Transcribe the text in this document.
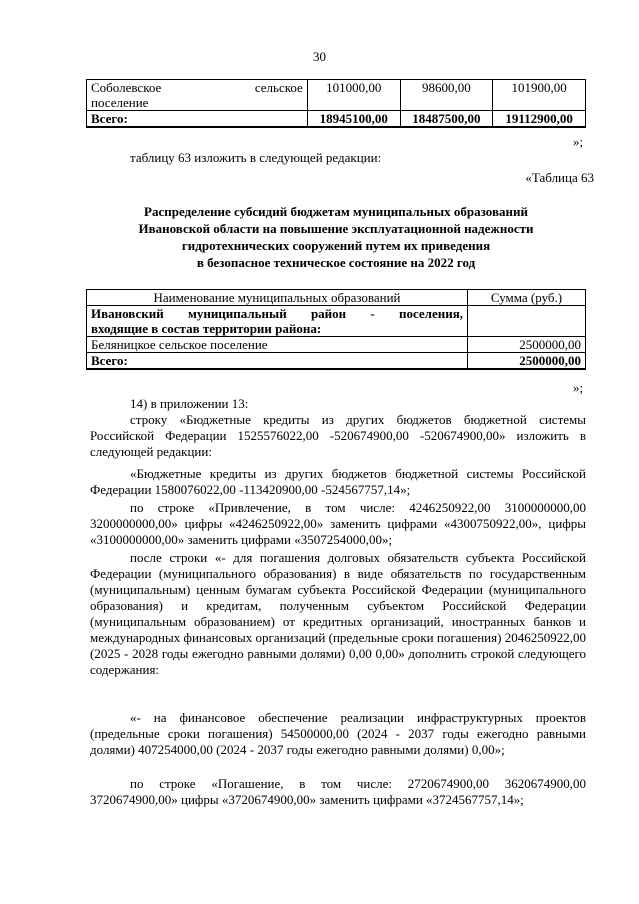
30
Соболевское сельское
поселение	101000,00	98600,00	101900,00
Всего:	18945100,00	18487500,00	19112900,00
»;
таблицу 63 изложить в следующей редакции:
«Таблица 63
Распределение субсидий бюджетам муниципальных образований
Ивановской области на повышение эксплуатационной надежности
гидротехнических сооружений путем их приведения
в безопасное техническое состояние на 2022 год
Наименование муниципальных образований	Сумма (руб.)

Ивановский муниципальный район - поселения,
входящие в состав территории района:	

Беляницкое сельское поселение	2500000,00
Всего:	2500000,00
»;
14) в приложении 13:
строку «Бюджетные кредиты из других бюджетов бюджетной системы Российской Федерации 1525576022,00 -520674900,00 -520674900,00» изложить в следующей редакции:
«Бюджетные кредиты из других бюджетов бюджетной системы Российской Федерации 1580076022,00 -113420900,00 -524567757,14»;
по строке «Привлечение, в том числе: 4246250922,00 3100000000,00 3200000000,00» цифры «4246250922,00» заменить цифрами «4300750922,00», цифры «3100000000,00» заменить цифрами «3507254000,00»;
после строки «- для погашения долговых обязательств субъекта Российской Федерации (муниципального образования) в виде обязательств по государственным (муниципальным) ценным бумагам субъекта Российской Федерации (муниципального образования) и кредитам, полученным субъектом Российской Федерации (муниципальным образованием) от кредитных организаций, иностранных банков и международных финансовых организаций (предельные сроки погашения) 2046250922,00 (2025 - 2028 годы ежегодно равными долями) 0,00 0,00» дополнить строкой следующего содержания:
«- на финансовое обеспечение реализации инфраструктурных проектов (предельные сроки погашения) 54500000,00 (2024 - 2037 годы ежегодно равными долями) 407254000,00 (2024 - 2037 годы ежегодно равными долями) 0,00»;
по строке «Погашение, в том числе: 2720674900,00 3620674900,00 3720674900,00» цифры «3720674900,00» заменить цифрами «3724567757,14»;
